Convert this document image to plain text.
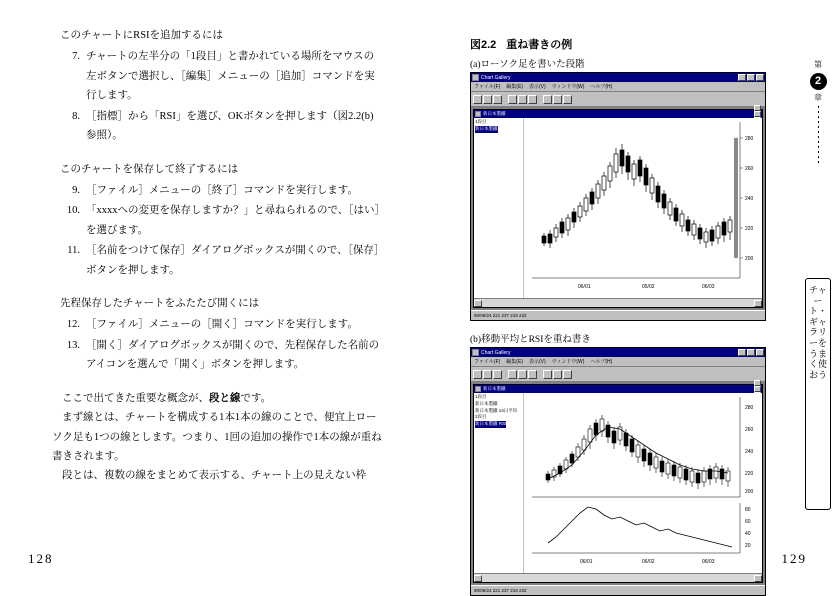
このチャートにRSIを追加するには

7. チャートの左半分の「1段目」と書かれている場所をマウスの左ボタンで選択し、［編集］メニューの［追加］コマンドを実行します。
8. ［指標］から「RSI」を選び、OKボタンを押します（図2.2(b)参照）。

このチャートを保存して終了するには

9. ［ファイル］メニューの［終了］コマンドを実行します。
10. 「xxxxへの変更を保存しますか？」と尋ねられるので、［はい］を選びます。
11. ［名前をつけて保存］ダイアログボックスが開くので、［保存］ボタンを押します。

先程保存したチャートをふたたび開くには

12. ［ファイル］メニューの［開く］コマンドを実行します。
13. ［開く］ダイアログボックスが開くので、先程保存した名前のアイコンを選んで「開く」ボタンを押します。

ここで出てきた重要な概念が、段と線です。

まず線とは、チャートを構成する1本1本の線のことで、便宜上ローソク足も1つの線とします。つまり、1回の追加の操作で1本の線が重ね書きされます。

段とは、複数の線をまとめて表示する、チャート上の見えない枠

128
図2.2 重ね書きの例
(a)ローソク足を書いた段階
Chart Gallery
ファイル(F) 編集(E) 表示(V) ウィンドウ(W) ヘルプ(H)
新日本製鐵
1段目
新日本製鐵
280
260
240
220
200
06/01	05/02	06/03
90/08/24 221 237 219 232
(b)移動平均とRSIを重ね書き
Chart Gallery
ファイル(F) 編集(E) 表示(V) ウィンドウ(W) ヘルプ(H)
新日本製鐵
1段目
新日本製鐵
新日本製鐵 13日平均
2段目
新日本製鐵 RSI
280
260
240
220
200
80
60
40
20
06/01	06/02	06/03
90/08/24 221 237 219 232
第
2
章
チャート・ギャラリーをうまく使おう
129
